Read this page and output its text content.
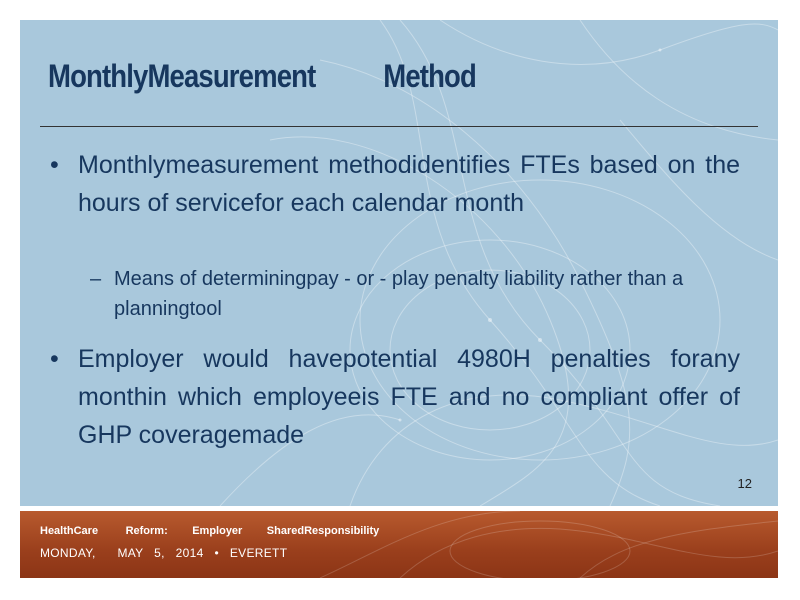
MonthlyMeasurement          Method
• Monthlymeasurement methodidentifies FTEs based on the hours of servicefor each calendar month
– Means of determiningpay - or - play penalty liability rather than a planningtool
• Employer would havepotential 4980H penalties forany monthin which employeeis FTE and no compliant offer of GHP coveragemade
12
HealthCare         Reform:        Employer        SharedResponsibility
MONDAY,      MAY   5,   2014   •   EVERETT
